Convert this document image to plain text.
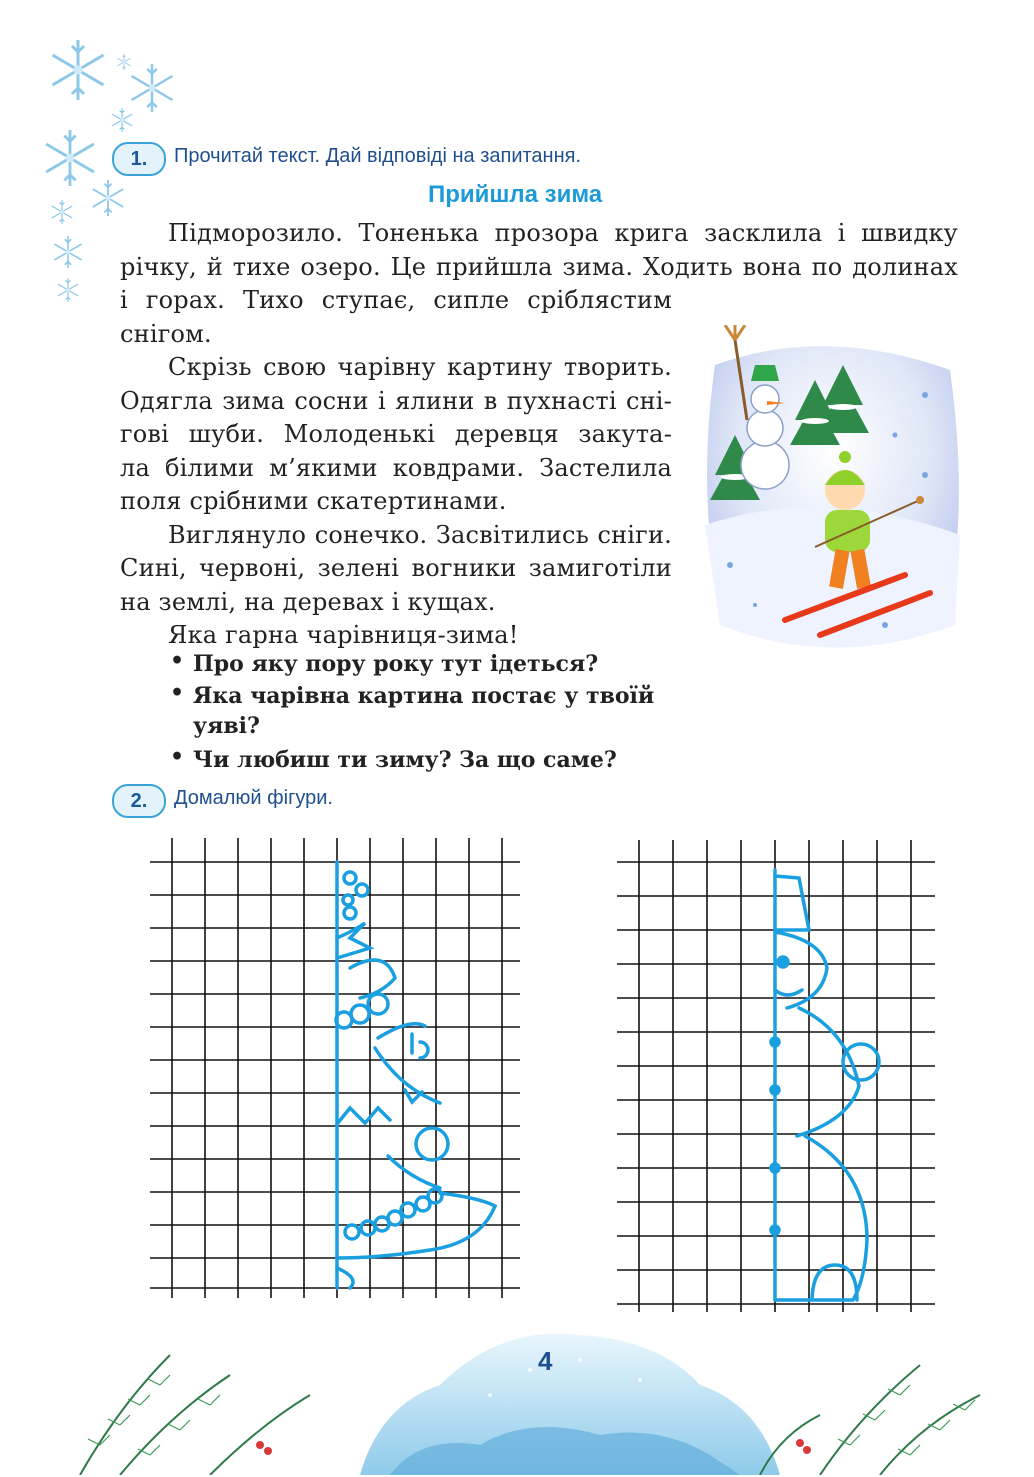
1.	Прочитай текст. Дай відповіді на запитання.
Прийшла зима
Підморозило. Тоненька прозора крига засклила і швидку
річку, й тихе озеро. Це прийшла зима. Ходить вона по долинах
і горах. Тихо ступає, сипле сріблястим
снігом.
Скрізь свою чарівну картину творить.
Одягла зима сосни і ялини в пухнасті сні-
гові шуби. Молоденькі деревця закута-
ла білими м’якими ковдрами. Застелила
поля срібними скатертинами.
Виглянуло сонечко. Засвітились сніги.
Сині, червоні, зелені вогники замиготіли
на землі, на деревах і кущах.
Яка гарна чарівниця-зима!
• Про яку пору року тут ідеться?
• Яка чарівна картина постає у твоїй
уяві?
• Чи любиш ти зиму? За що саме?
2.	Домалюй фігури.
4
